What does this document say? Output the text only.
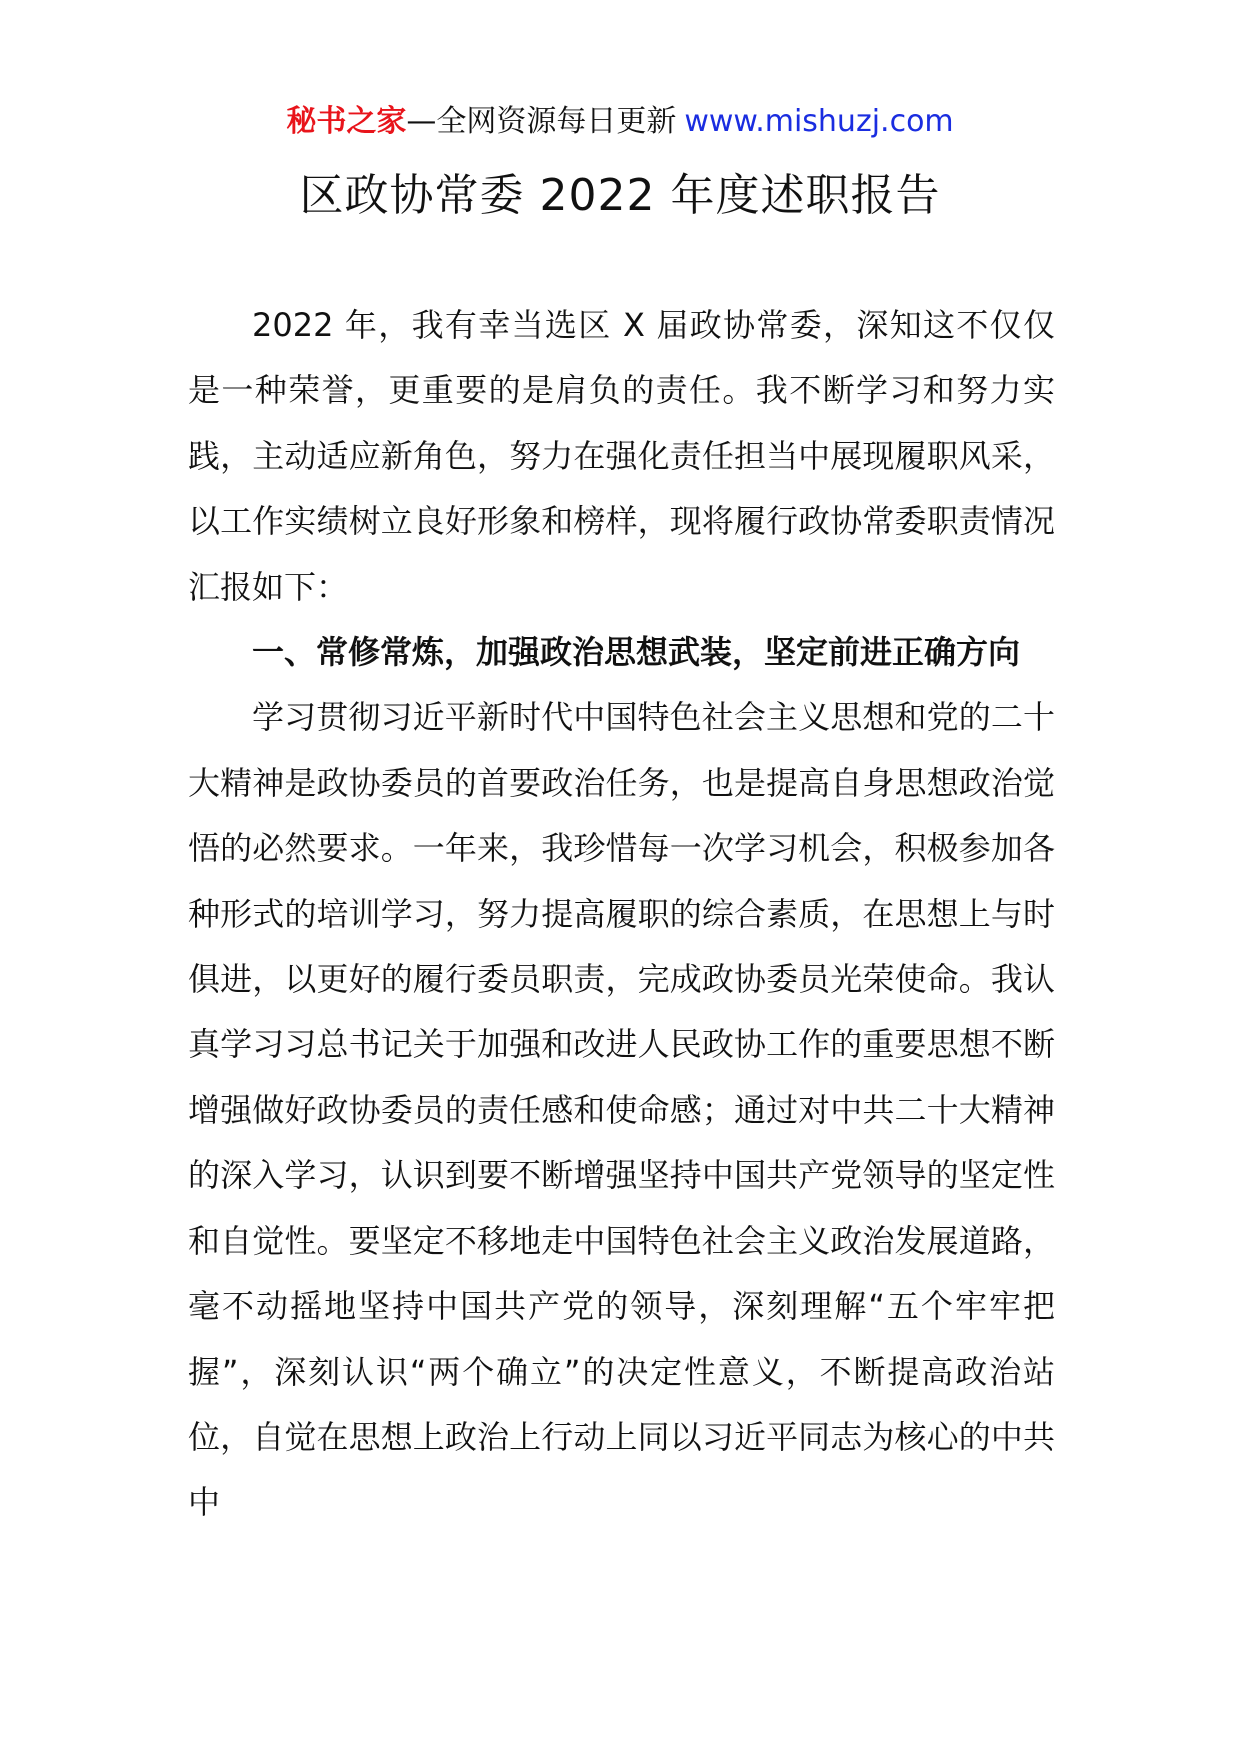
秘书之家—全网资源每日更新 www.mishuzj.com
区政协常委 2022 年度述职报告

2022 年，我有幸当选区 X 届政协常委，深知这不仅仅是一种荣誉，更重要的是肩负的责任。我不断学习和努力实践，主动适应新角色，努力在强化责任担当中展现履职风采，以工作实绩树立良好形象和榜样，现将履行政协常委职责情况汇报如下：

一、常修常炼，加强政治思想武装，坚定前进正确方向

学习贯彻习近平新时代中国特色社会主义思想和党的二十大精神是政协委员的首要政治任务，也是提高自身思想政治觉悟的必然要求。一年来，我珍惜每一次学习机会，积极参加各种形式的培训学习，努力提高履职的综合素质，在思想上与时俱进，以更好的履行委员职责，完成政协委员光荣使命。我认真学习习总书记关于加强和改进人民政协工作的重要思想不断增强做好政协委员的责任感和使命感；通过对中共二十大精神的深入学习，认识到要不断增强坚持中国共产党领导的坚定性和自觉性。要坚定不移地走中国特色社会主义政治发展道路，毫不动摇地坚持中国共产党的领导，深刻理解“五个牢牢把握”，深刻认识“两个确立”的决定性意义，不断提高政治站位，自觉在思想上政治上行动上同以习近平同志为核心的中共中
